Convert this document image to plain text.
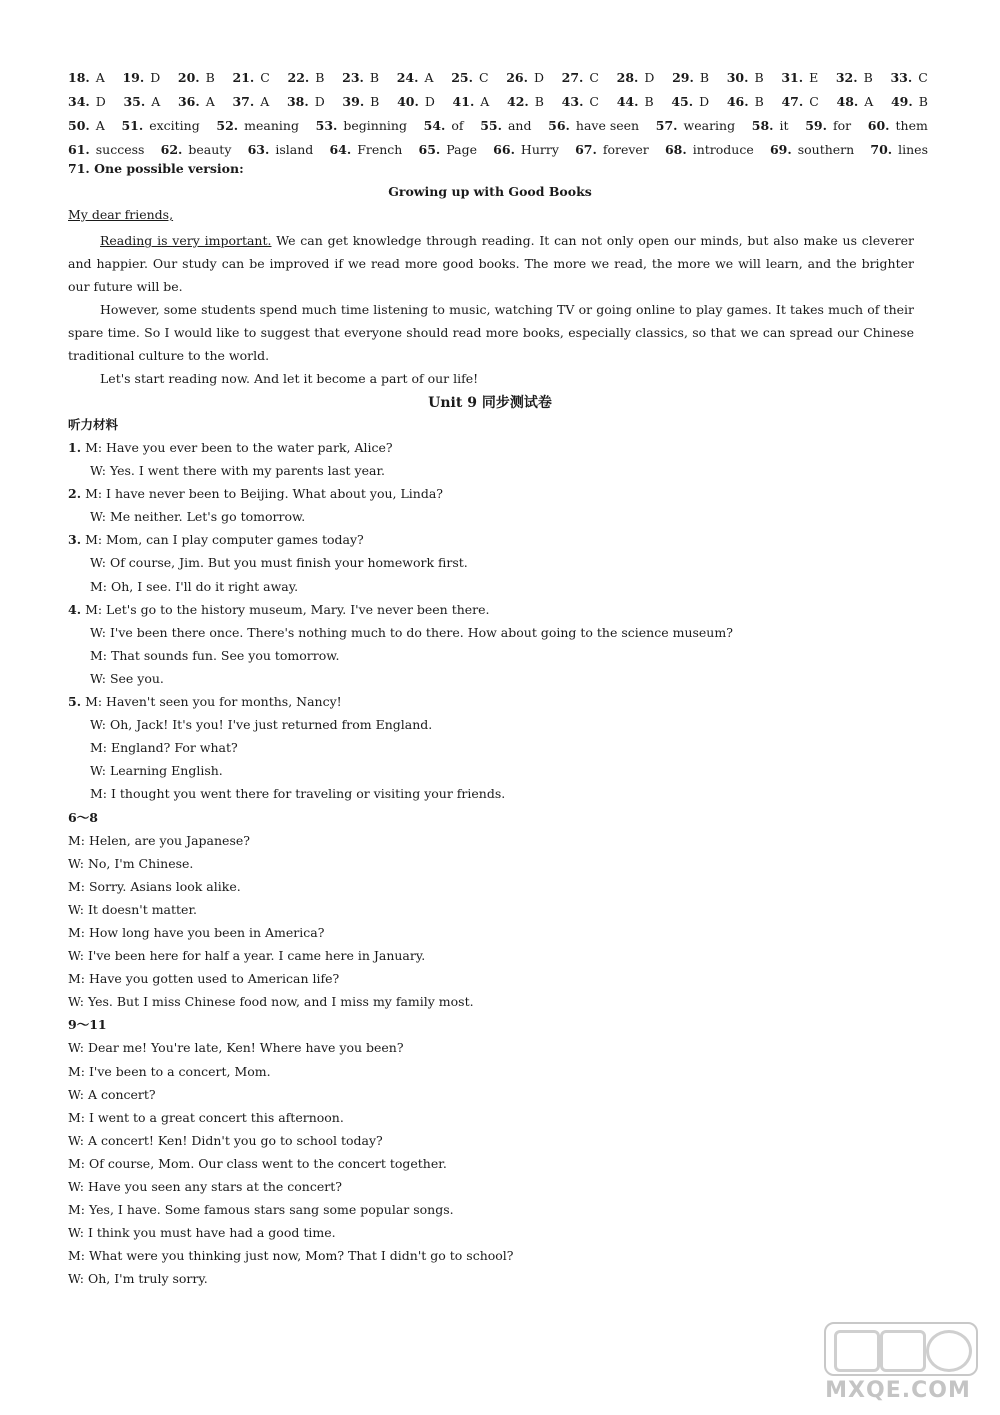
18. A 19. D 20. B 21. C 22. B 23. B 24. A 25. C 26. D 27. C 28. D 29. B 30. B 31. E 32. B 33. C
34. D 35. A 36. A 37. A 38. D 39. B 40. D 41. A 42. B 43. C 44. B 45. D 46. B 47. C 48. A 49. B
50. A 51. exciting 52. meaning 53. beginning 54. of 55. and 56. have seen 57. wearing 58. it 59. for 60. them
61. success 62. beauty 63. island 64. French 65. Page 66. Hurry 67. forever 68. introduce 69. southern 70. lines
71. One possible version:
Growing up with Good Books
My dear friends,

Reading is very important. We can get knowledge through reading. It can not only open our minds, but also make us cleverer and happier. Our study can be improved if we read more good books. The more we read, the more we will learn, and the brighter our future will be.

However, some students spend much time listening to music, watching TV or going online to play games. It takes much of their spare time. So I would like to suggest that everyone should read more books, especially classics, so that we can spread our Chinese traditional culture to the world.

Let's start reading now. And let it become a part of our life!

Unit 9 同步测试卷
听力材料
1. M: Have you ever been to the water park, Alice?
W: Yes. I went there with my parents last year.
2. M: I have never been to Beijing. What about you, Linda?
W: Me neither. Let's go tomorrow.
3. M: Mom, can I play computer games today?
W: Of course, Jim. But you must finish your homework first.
M: Oh, I see. I'll do it right away.
4. M: Let's go to the history museum, Mary. I've never been there.
W: I've been there once. There's nothing much to do there. How about going to the science museum?
M: That sounds fun. See you tomorrow.
W: See you.
5. M: Haven't seen you for months, Nancy!
W: Oh, Jack! It's you! I've just returned from England.
M: England? For what?
W: Learning English.
M: I thought you went there for traveling or visiting your friends.
6～8
M: Helen, are you Japanese?
W: No, I'm Chinese.
M: Sorry. Asians look alike.
W: It doesn't matter.
M: How long have you been in America?
W: I've been here for half a year. I came here in January.
M: Have you gotten used to American life?
W: Yes. But I miss Chinese food now, and I miss my family most.
9～11
W: Dear me! You're late, Ken! Where have you been?
M: I've been to a concert, Mom.
W: A concert?
M: I went to a great concert this afternoon.
W: A concert! Ken! Didn't you go to school today?
M: Of course, Mom. Our class went to the concert together.
W: Have you seen any stars at the concert?
M: Yes, I have. Some famous stars sang some popular songs.
W: I think you must have had a good time.
M: What were you thinking just now, Mom? That I didn't go to school?
W: Oh, I'm truly sorry.
MXQE.COM
